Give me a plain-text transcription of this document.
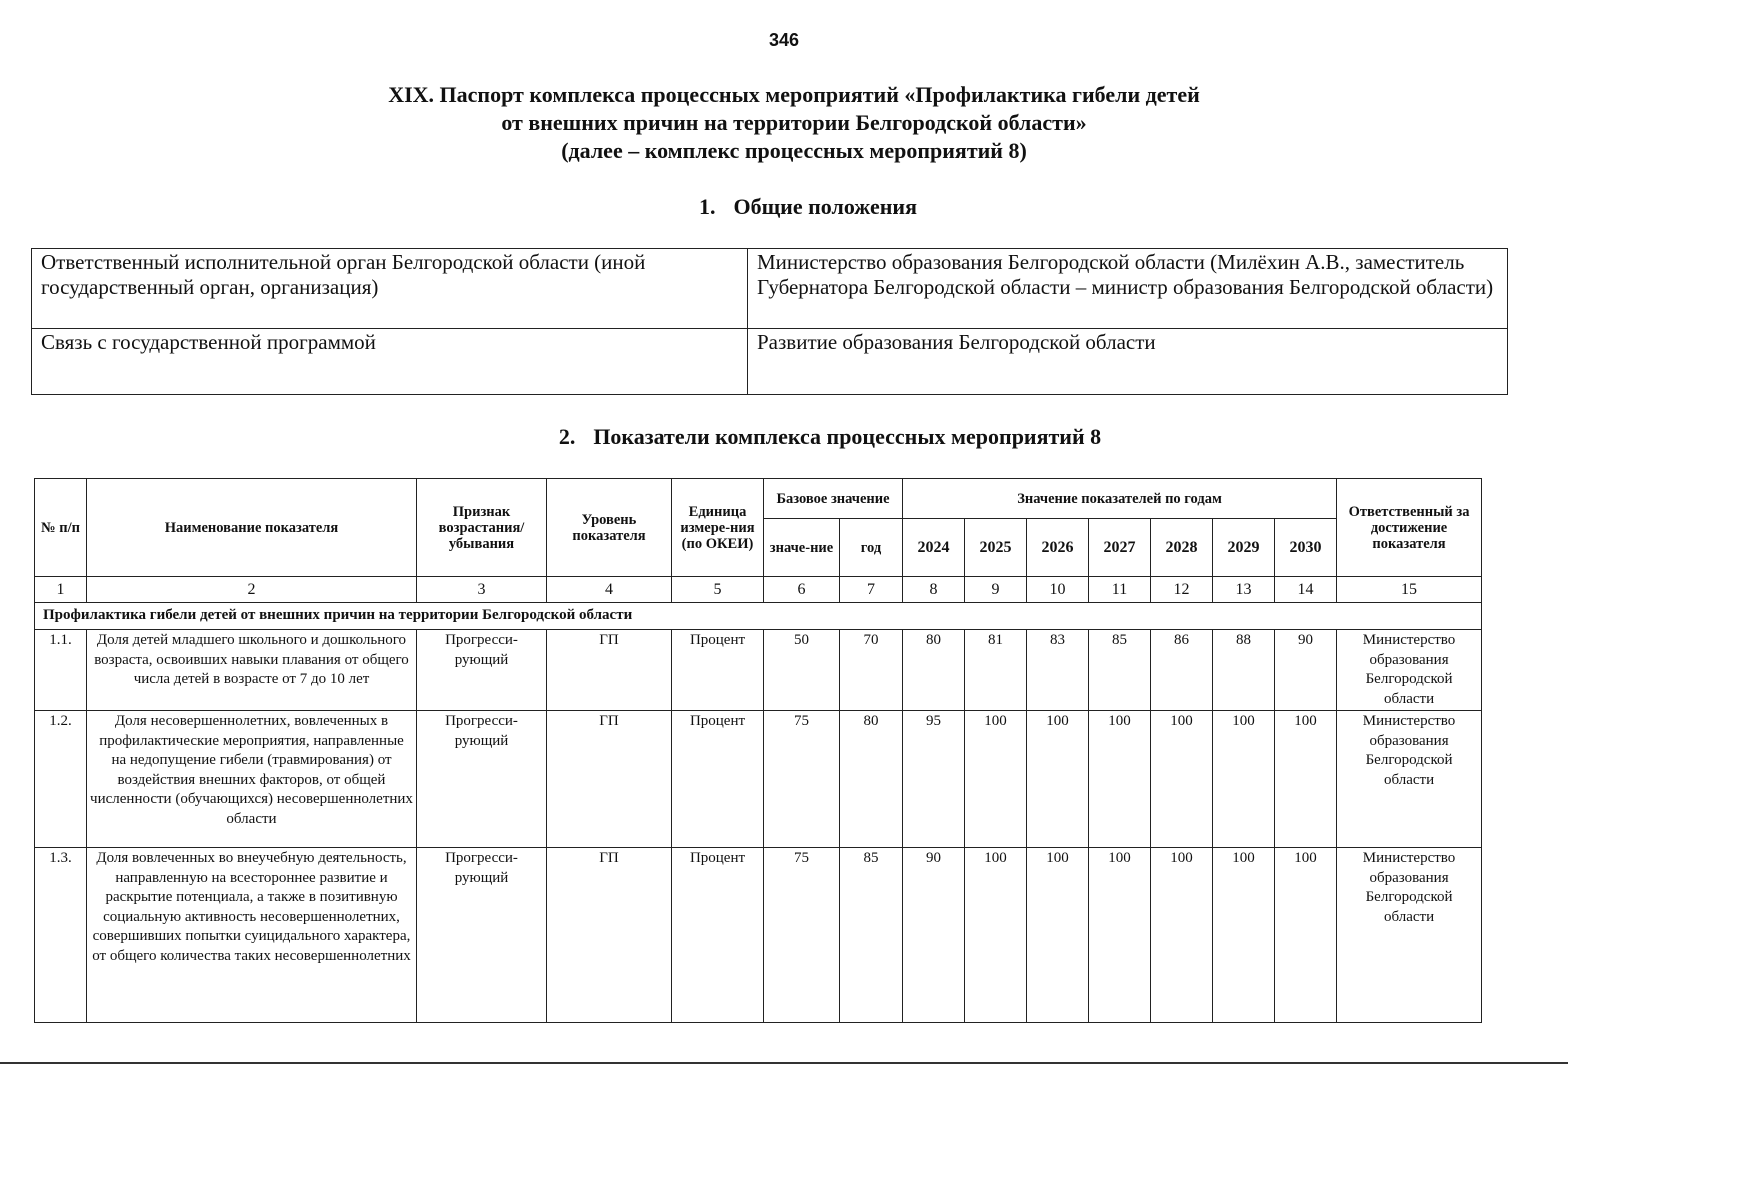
346
XIX. Паспорт комплекса процессных мероприятий «Профилактика гибели детей
от внешних причин на территории Белгородской области»
(далее – комплекс процессных мероприятий 8)
1. Общие положения
Ответственный исполнительной орган Белгородской области (иной государственный орган, организация)	Министерство образования Белгородской области (Милёхин А.В., заместитель Губернатора Белгородской области – министр образования Белгородской области)
Связь с государственной программой	Развитие образования Белгородской области
2. Показатели комплекса процессных мероприятий 8
№ п/п	Наименование показателя	Признак возрастания/ убывания	Уровень показателя	Единица измере-ния (по ОКЕИ)	Базовое значение		Значение показателей по годам							Ответственный за достижение показателя
					значе-ние	год	2024	2025	2026	2027	2028	2029	2030	
1	2	3	4	5	6	7	8	9	10	11	12	13	14	15
Профилактика гибели детей от внешних причин на территории Белгородской области														
1.1.	Доля детей младшего школьного и дошкольного возраста, освоивших навыки плавания от общего числа детей в возрасте от 7 до 10 лет	Прогресси-рующий	ГП	Процент	50	70	80	81	83	85	86	88	90	Министерство образования Белгородской области
1.2.	Доля несовершеннолетних, вовлеченных в профилактические мероприятия, направленные на недопущение гибели (травмирования) от воздействия внешних факторов, от общей численности (обучающихся) несовершеннолетних области	Прогресси-рующий	ГП	Процент	75	80	95	100	100	100	100	100	100	Министерство образования Белгородской области
1.3.	Доля вовлеченных во внеучебную деятельность, направленную на всестороннее развитие и раскрытие потенциала, а также в позитивную социальную активность несовершеннолетних, совершивших попытки суицидального характера, от общего количества таких несовершеннолетних	Прогресси-рующий	ГП	Процент	75	85	90	100	100	100	100	100	100	Министерство образования Белгородской области
